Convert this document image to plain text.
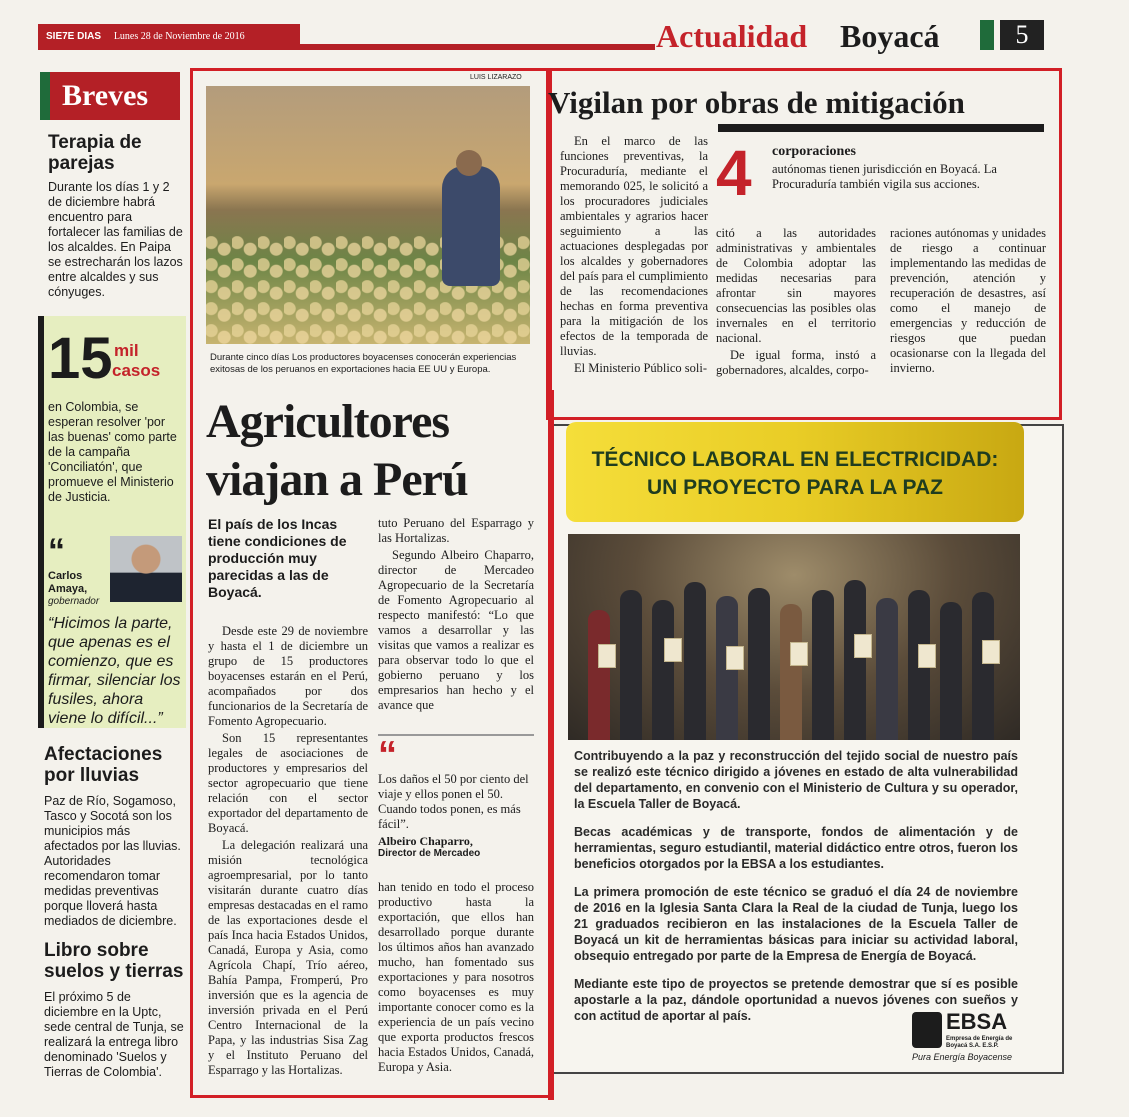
SIE7E DIAS Lunes 28 de Noviembre de 2016	Actualidad Boyacá	5
Breves
Terapia de parejas

Durante los días 1 y 2 de diciembre habrá encuentro para fortalecer las familias de los alcaldes. En Paipa se estrecharán los lazos entre alcaldes y sus cónyuges.

15 mil
casos

en Colombia, se esperan resolver 'por las buenas' como parte de la campaña 'Conciliatón', que promueve el Ministerio de Justicia.

“
Carlos Amaya,
gobernador

“Hicimos la parte, que apenas es el comienzo, que es firmar, silenciar los fusiles, ahora viene lo difícil...”

Afectaciones por lluvias

Paz de Río, Sogamoso, Tasco y Socotá son los municipios más afectados por las lluvias. Autoridades recomendaron tomar medidas preventivas porque lloverá hasta mediados de diciembre.

Libro sobre suelos y tierras

El próximo 5 de diciembre en la Uptc, sede central de Tunja, se realizará la entrega libro denominado 'Suelos y Tierras de Colombia'.

LUIS LIZARAZO

Durante cinco días Los productores boyacenses conocerán experiencias exitosas de los peruanos en exportaciones hacia EE UU y Europa.

Agricultores
viajan a Perú

El país de los Incas tiene condiciones de producción muy parecidas a las de Boyacá.

Desde este 29 de noviembre y hasta el 1 de diciembre un grupo de 15 productores boyacenses estarán en el Perú, acompañados por dos funcionarios de la Secretaría de Fomento Agropecuario.

Son 15 representantes legales de asociaciones de productores y empresarios del sector agropecuario que tiene relación con el sector exportador del departamento de Boyacá.

La delegación realizará una misión tecnológica agroempresarial, por lo tanto visitarán durante cuatro días empresas destacadas en el ramo de las exportaciones desde el país Inca hacia Estados Unidos, Canadá, Europa y Asia, como Agrícola Chapí, Trío aéreo, Bahía Pampa, Fromperú, Pro inversión que es la agencia de inversión privada en el Perú Centro Internacional de la Papa, y las industrias Sisa Zag y el Instituto Peruano del Esparrago y las Hortalizas.

tuto Peruano del Esparrago y las Hortalizas.

Segundo Albeiro Chaparro, director de Mercadeo Agropecuario de la Secretaría de Fomento Agropecuario al respecto manifestó: “Lo que vamos a desarrollar y las visitas que vamos a realizar es para observar todo lo que el gobierno peruano y los empresarios han hecho y el avance que

“

Los daños el 50 por ciento del viaje y ellos ponen el 50. Cuando todos ponen, es más fácil”.

Albeiro Chaparro,

Director de Mercadeo

han tenido en todo el proceso productivo hasta la exportación, que ellos han desarrollado porque durante los últimos años han avanzado mucho, han fomentado sus exportaciones y para nosotros como boyacenses es muy importante conocer como es la experiencia de un país vecino que exporta productos frescos hacia Estados Unidos, Canadá, Europa y Asia.

Vigilan por obras de mitigación

En el marco de las funciones preventivas, la Procuraduría, mediante el memorando 025, le solicitó a los procuradores judiciales ambientales y agrarios hacer seguimiento a las actuaciones desplegadas por los alcaldes y gobernadores del país para el cumplimiento de las recomendaciones hechas en forma preventiva para la mitigación de los efectos de la temporada de lluvias.

El Ministerio Público soli-

4 corporaciones

autónomas tienen jurisdicción en Boyacá. La Procuraduría también vigila sus acciones.

citó a las autoridades administrativas y ambientales de Colombia adoptar las medidas necesarias para afrontar sin mayores consecuencias las posibles olas invernales en el territorio nacional.

De igual forma, instó a gobernadores, alcaldes, corpo-

raciones autónomas y unidades de riesgo a continuar implementando las medidas de prevención, atención y recuperación de desastres, así como el manejo de emergencias y reducción de riesgos que puedan ocasionarse con la llegada del invierno.

TÉCNICO LABORAL EN ELECTRICIDAD:
UN PROYECTO PARA LA PAZ

Contribuyendo a la paz y reconstrucción del tejido social de nuestro país se realizó este técnico dirigido a jóvenes en estado de alta vulnerabilidad del departamento, en convenio con el Ministerio de Cultura y su operador, la Escuela Taller de Boyacá.

Becas académicas y de transporte, fondos de alimentación y de herramientas, seguro estudiantil, material didáctico entre otros, fueron los beneficios otorgados por la EBSA a los estudiantes.

La primera promoción de este técnico se graduó el día 24 de noviembre de 2016 en la Iglesia Santa Clara la Real de la ciudad de Tunja, luego los 21 graduados recibieron en las instalaciones de la Escuela Taller de Boyacá un kit de herramientas básicas para iniciar su actividad laboral, obsequio entregado por parte de la Empresa de Energía de Boyacá.

Mediante este tipo de proyectos se pretende demostrar que sí es posible apostarle a la paz, dándole oportunidad a nuevos jóvenes con sueños y con actitud de aportar al país.	EBSA
Empresa de Energía de Boyacá S.A. E.S.P.
Pura Energía Boyacense
